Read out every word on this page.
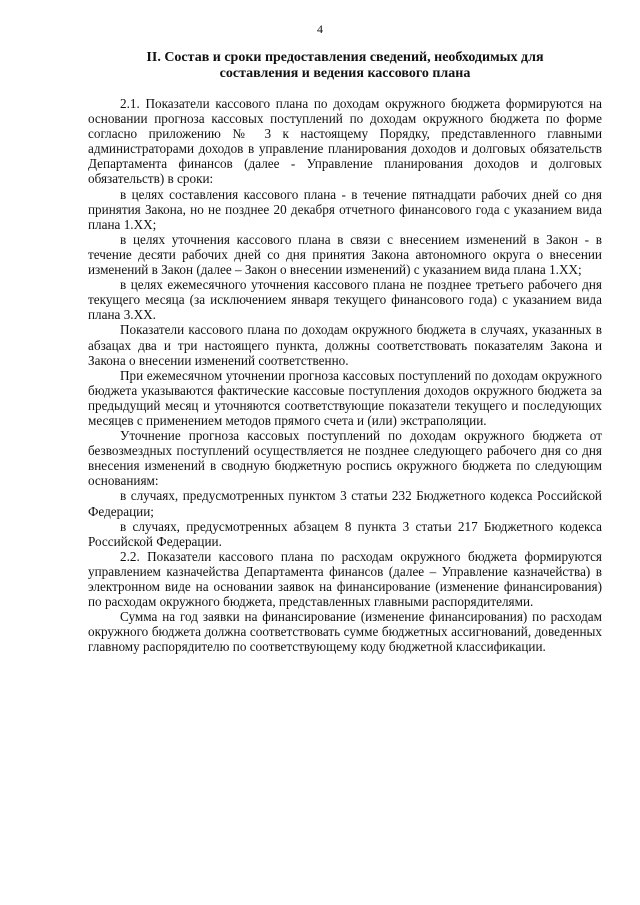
4
II. Состав и сроки предоставления сведений, необходимых для составления и ведения кассового плана

2.1. Показатели кассового плана по доходам окружного бюджета формируются на основании прогноза кассовых поступлений по доходам окружного бюджета по форме согласно приложению № 3 к настоящему Порядку, представленного главными администраторами доходов в управление планирования доходов и долговых обязательств Департамента финансов (далее - Управление планирования доходов и долговых обязательств) в сроки:

в целях составления кассового плана - в течение пятнадцати рабочих дней со дня принятия Закона, но не позднее 20 декабря отчетного финансового года с указанием вида плана 1.XX;

в целях уточнения кассового плана в связи с внесением изменений в Закон - в течение десяти рабочих дней со дня принятия Закона автономного округа о внесении изменений в Закон (далее – Закон о внесении изменений) с указанием вида плана 1.XX;

в целях ежемесячного уточнения кассового плана не позднее третьего рабочего дня текущего месяца (за исключением января текущего финансового года) с указанием вида плана 3.XX.

Показатели кассового плана по доходам окружного бюджета в случаях, указанных в абзацах два и три настоящего пункта, должны соответствовать показателям Закона и Закона о внесении изменений соответственно.

При ежемесячном уточнении прогноза кассовых поступлений по доходам окружного бюджета указываются фактические кассовые поступления доходов окружного бюджета за предыдущий месяц и уточняются соответствующие показатели текущего и последующих месяцев с применением методов прямого счета и (или) экстраполяции.

Уточнение прогноза кассовых поступлений по доходам окружного бюджета от безвозмездных поступлений осуществляется не позднее следующего рабочего дня со дня внесения изменений в сводную бюджетную роспись окружного бюджета по следующим основаниям:

в случаях, предусмотренных пунктом 3 статьи 232 Бюджетного кодекса Российской Федерации;

в случаях, предусмотренных абзацем 8 пункта 3 статьи 217 Бюджетного кодекса Российской Федерации.

2.2. Показатели кассового плана по расходам окружного бюджета формируются управлением казначейства Департамента финансов (далее – Управление казначейства) в электронном виде на основании заявок на финансирование (изменение финансирования) по расходам окружного бюджета, представленных главными распорядителями.

Сумма на год заявки на финансирование (изменение финансирования) по расходам окружного бюджета должна соответствовать сумме бюджетных ассигнований, доведенных главному распорядителю по соответствующему коду бюджетной классификации.
